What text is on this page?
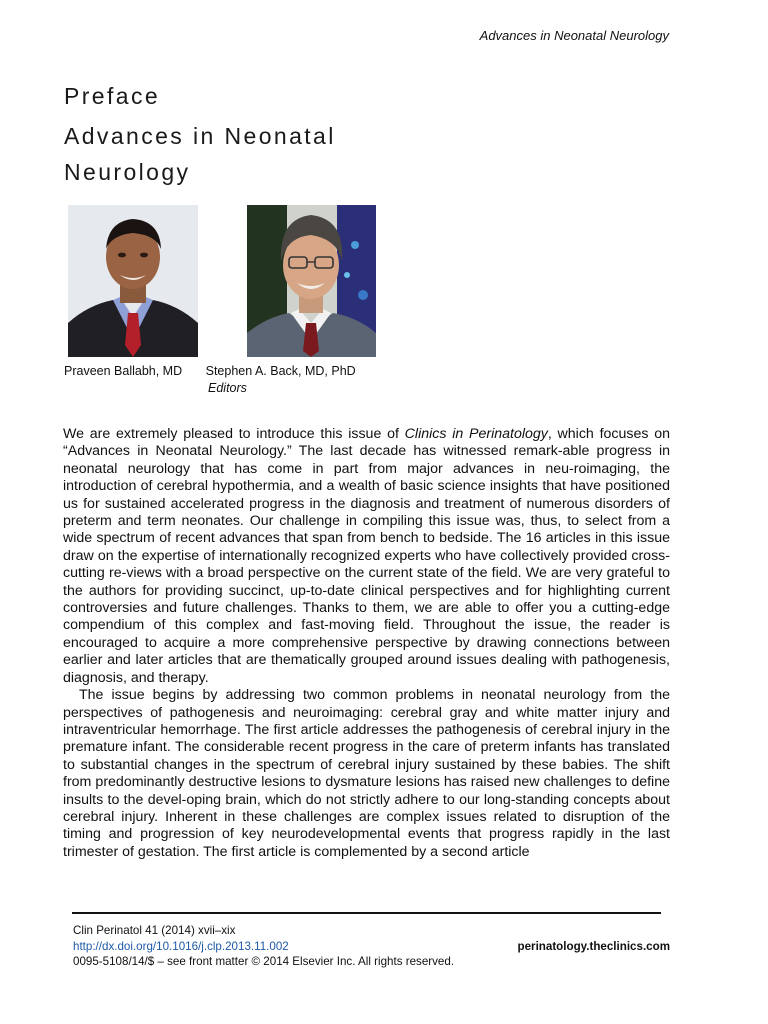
Advances in Neonatal Neurology

Preface

Advances in Neonatal

Neurology

Praveen Ballabh, MD Stephen A. Back, MD, PhD
Editors

We are extremely pleased to introduce this issue of Clinics in Perinatology, which focuses on “Advances in Neonatal Neurology.” The last decade has witnessed remark-able progress in neonatal neurology that has come in part from major advances in neu-roimaging, the introduction of cerebral hypothermia, and a wealth of basic science insights that have positioned us for sustained accelerated progress in the diagnosis and treatment of numerous disorders of preterm and term neonates. Our challenge in compiling this issue was, thus, to select from a wide spectrum of recent advances that span from bench to bedside. The 16 articles in this issue draw on the expertise of internationally recognized experts who have collectively provided cross-cutting re-views with a broad perspective on the current state of the field. We are very grateful to the authors for providing succinct, up-to-date clinical perspectives and for highlighting current controversies and future challenges. Thanks to them, we are able to offer you a cutting-edge compendium of this complex and fast-moving field. Throughout the issue, the reader is encouraged to acquire a more comprehensive perspective by drawing connections between earlier and later articles that are thematically grouped around issues dealing with pathogenesis, diagnosis, and therapy.

The issue begins by addressing two common problems in neonatal neurology from the perspectives of pathogenesis and neuroimaging: cerebral gray and white matter injury and intraventricular hemorrhage. The first article addresses the pathogenesis of cerebral injury in the premature infant. The considerable recent progress in the care of preterm infants has translated to substantial changes in the spectrum of cerebral injury sustained by these babies. The shift from predominantly destructive lesions to dysmature lesions has raised new challenges to define insults to the devel-oping brain, which do not strictly adhere to our long-standing concepts about cerebral injury. Inherent in these challenges are complex issues related to disruption of the timing and progression of key neurodevelopmental events that progress rapidly in the last trimester of gestation. The first article is complemented by a second article

Clin Perinatol 41 (2014) xvii–xix
http://dx.doi.org/10.1016/j.clp.2013.11.002	perinatology.theclinics.com
0095-5108/14/$ – see front matter © 2014 Elsevier Inc. All rights reserved.
